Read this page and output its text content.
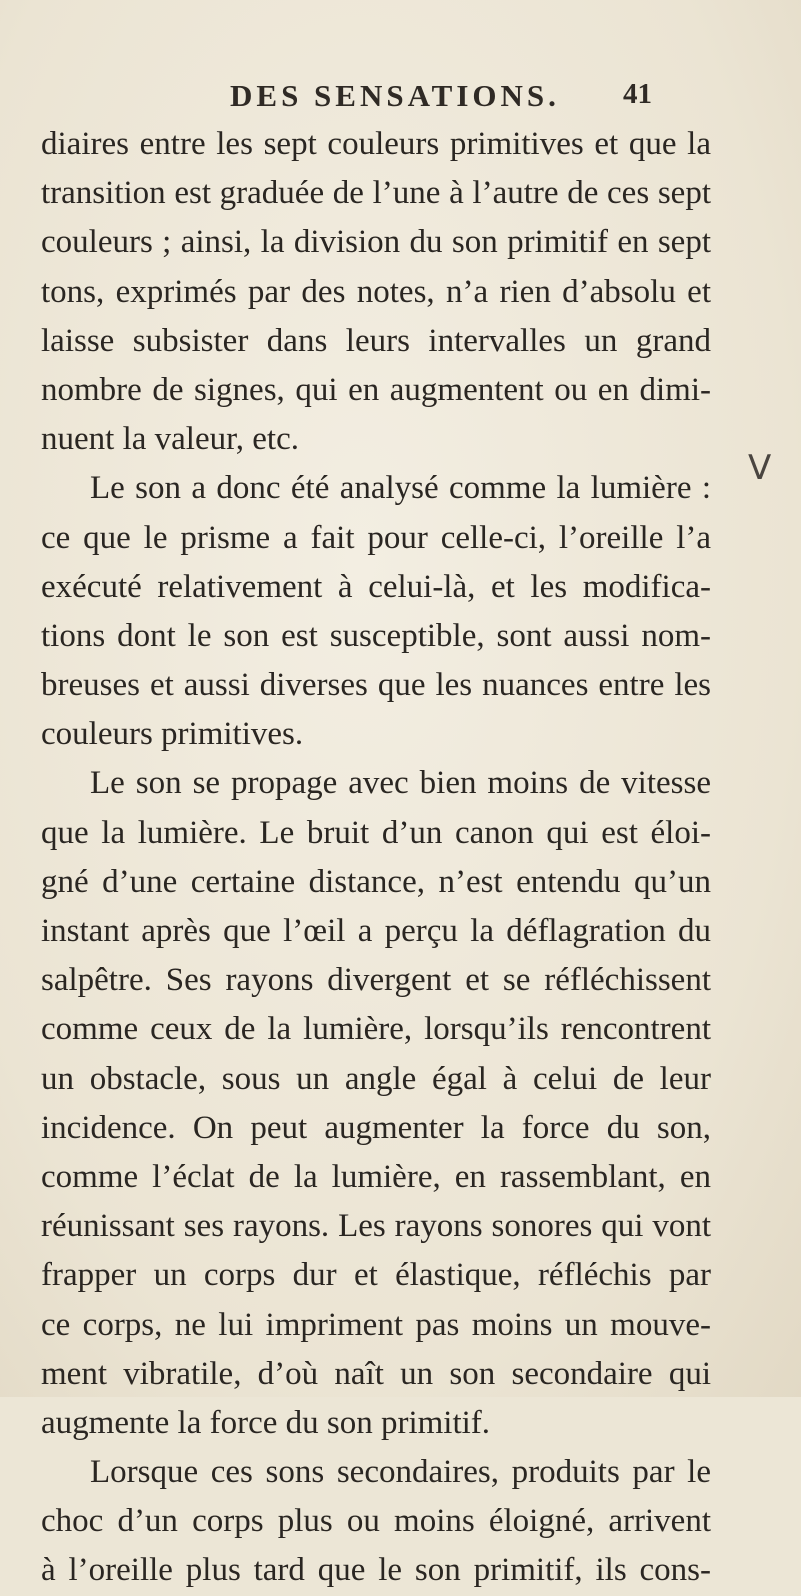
DES SENSATIONS. 41
diaires entre les sept couleurs primitives et que la
transition est graduée de l’une à l’autre de ces sept
couleurs ; ainsi, la division du son primitif en sept
tons, exprimés par des notes, n’a rien d’absolu et
laisse subsister dans leurs intervalles un grand
nombre de signes, qui en augmentent ou en dimi-
nuent la valeur, etc.
Le son a donc été analysé comme la lumière :
ce que le prisme a fait pour celle-ci, l’oreille l’a
exécuté relativement à celui-là, et les modifica-
tions dont le son est susceptible, sont aussi nom-
breuses et aussi diverses que les nuances entre les
couleurs primitives.
Le son se propage avec bien moins de vitesse
que la lumière. Le bruit d’un canon qui est éloi-
gné d’une certaine distance, n’est entendu qu’un
instant après que l’œil a perçu la déflagration du
salpêtre. Ses rayons divergent et se réfléchissent
comme ceux de la lumière, lorsqu’ils rencontrent
un obstacle, sous un angle égal à celui de leur
incidence. On peut augmenter la force du son,
comme l’éclat de la lumière, en rassemblant, en
réunissant ses rayons. Les rayons sonores qui vont
frapper un corps dur et élastique, réfléchis par
ce corps, ne lui impriment pas moins un mouve-
ment vibratile, d’où naît un son secondaire qui
augmente la force du son primitif.
Lorsque ces sons secondaires, produits par le
choc d’un corps plus ou moins éloigné, arrivent
à l’oreille plus tard que le son primitif, ils cons-
V
